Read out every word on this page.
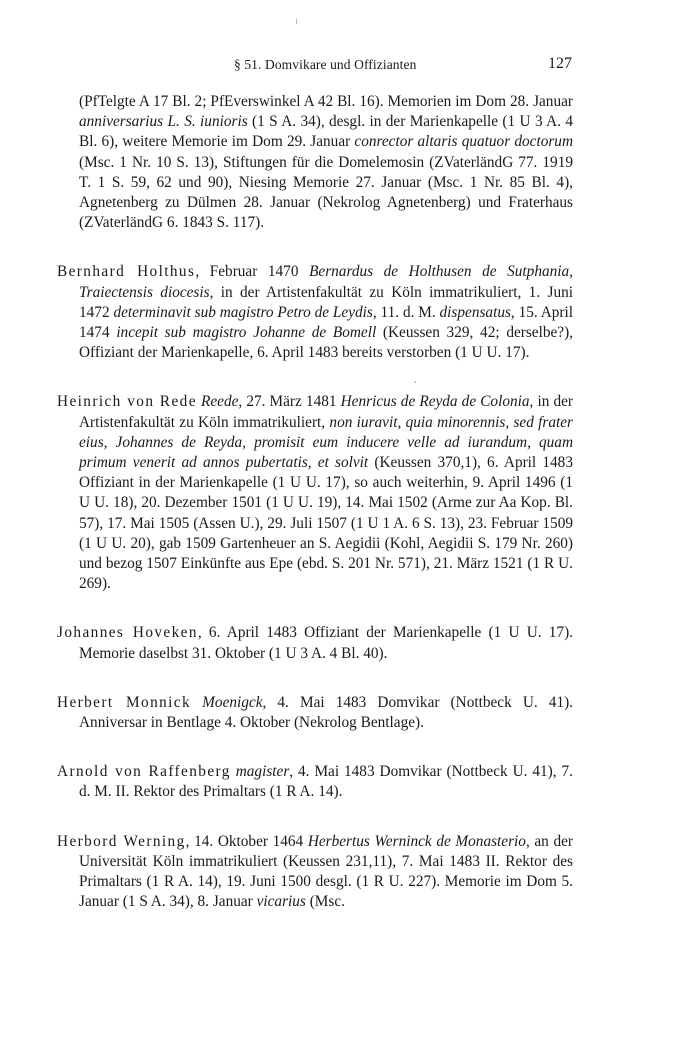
§ 51. Domvikare und Offizianten	127

(PfTelgte A 17 Bl. 2; PfEverswinkel A 42 Bl. 16). Memorien im Dom 28. Januar anniversarius L. S. iunioris (1 S A. 34), desgl. in der Marienkapelle (1 U 3 A. 4 Bl. 6), weitere Memorie im Dom 29. Januar conrector altaris quatuor doctorum (Msc. 1 Nr. 10 S. 13), Stiftungen für die Domelemosin (ZVaterländG 77. 1919 T. 1 S. 59, 62 und 90), Niesing Memorie 27. Januar (Msc. 1 Nr. 85 Bl. 4), Agnetenberg zu Dülmen 28. Januar (Nekrolog Agnetenberg) und Fraterhaus (ZVaterländG 6. 1843 S. 117).

Bernhard Holthus, Februar 1470 Bernardus de Holthusen de Sutphania, Traiectensis diocesis, in der Artistenfakultät zu Köln immatrikuliert, 1. Juni 1472 determinavit sub magistro Petro de Leydis, 11. d. M. dispensatus, 15. April 1474 incepit sub magistro Johanne de Bomell (Keussen 329, 42; derselbe?), Offiziant der Marienkapelle, 6. April 1483 bereits verstorben (1 U U. 17).

Heinrich von Rede Reede, 27. März 1481 Henricus de Reyda de Colonia, in der Artistenfakultät zu Köln immatrikuliert, non iuravit, quia minorennis, sed frater eius, Johannes de Reyda, promisit eum inducere velle ad iurandum, quam primum venerit ad annos pubertatis, et solvit (Keussen 370,1), 6. April 1483 Offiziant in der Marienkapelle (1 U U. 17), so auch weiterhin, 9. April 1496 (1 U U. 18), 20. Dezember 1501 (1 U U. 19), 14. Mai 1502 (Arme zur Aa Kop. Bl. 57), 17. Mai 1505 (Assen U.), 29. Juli 1507 (1 U 1 A. 6 S. 13), 23. Februar 1509 (1 U U. 20), gab 1509 Gartenheuer an S. Aegidii (Kohl, Aegidii S. 179 Nr. 260) und bezog 1507 Einkünfte aus Epe (ebd. S. 201 Nr. 571), 21. März 1521 (1 R U. 269).

Johannes Hoveken, 6. April 1483 Offiziant der Marienkapelle (1 U U. 17). Memorie daselbst 31. Oktober (1 U 3 A. 4 Bl. 40).

Herbert Monnick Moenigck, 4. Mai 1483 Domvikar (Nottbeck U. 41). Anniversar in Bentlage 4. Oktober (Nekrolog Bentlage).

Arnold von Raffenberg magister, 4. Mai 1483 Domvikar (Nottbeck U. 41), 7. d. M. II. Rektor des Primaltars (1 R A. 14).

Herbord Werning, 14. Oktober 1464 Herbertus Werninck de Monasterio, an der Universität Köln immatrikuliert (Keussen 231,11), 7. Mai 1483 II. Rektor des Primaltars (1 R A. 14), 19. Juni 1500 desgl. (1 R U. 227). Memorie im Dom 5. Januar (1 S A. 34), 8. Januar vicarius (Msc.
